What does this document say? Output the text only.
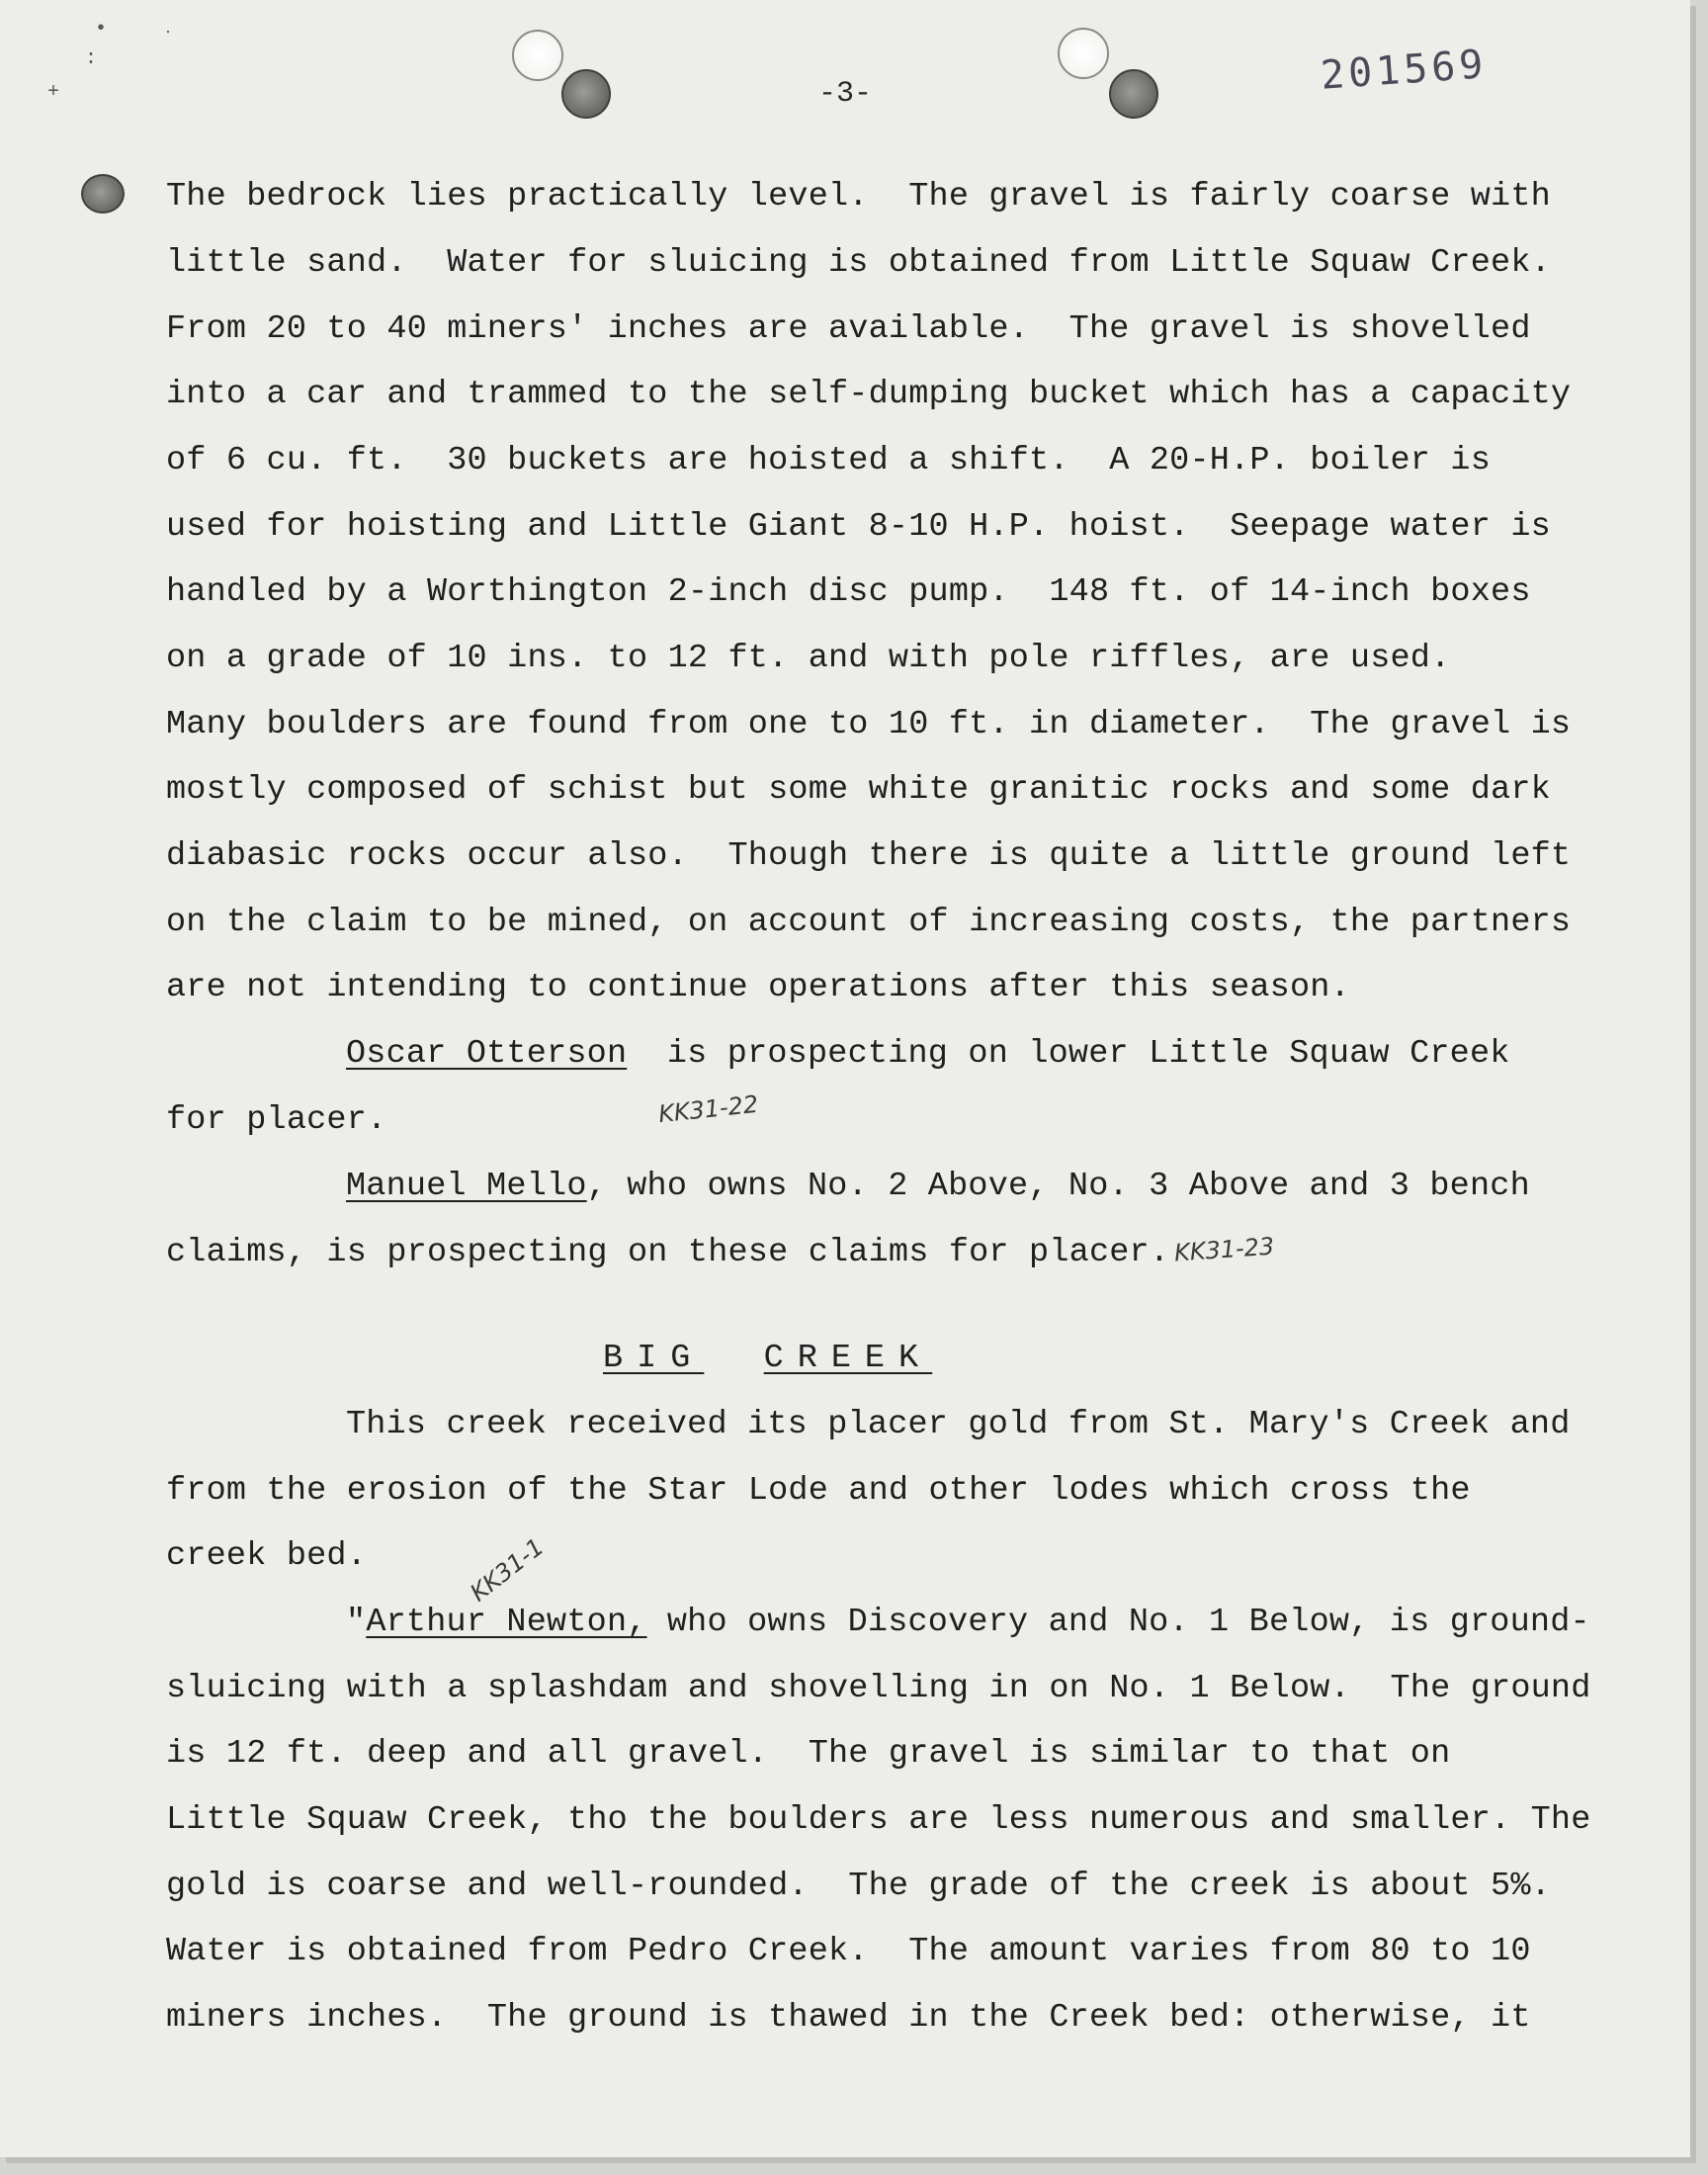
•
:
+
˙
-3-	201569
The bedrock lies practically level.  The gravel is fairly coarse with
little sand.  Water for sluicing is obtained from Little Squaw Creek.
From 20 to 40 miners' inches are available.  The gravel is shovelled
into a car and trammed to the self-dumping bucket which has a capacity
of 6 cu. ft.  30 buckets are hoisted a shift.  A 20-H.P. boiler is
used for hoisting and Little Giant 8-10 H.P. hoist.  Seepage water is
handled by a Worthington 2-inch disc pump.  148 ft. of 14-inch boxes
on a grade of 10 ins. to 12 ft. and with pole riffles, are used.
Many boulders are found from one to 10 ft. in diameter.  The gravel is
mostly composed of schist but some white granitic rocks and some dark
diabasic rocks occur also.  Though there is quite a little ground left
on the claim to be mined, on account of increasing costs, the partners
are not intending to continue operations after this season.
Oscar Otterson  is prospecting on lower Little Squaw Creek
for placer.	KK31-22
Manuel Mello, who owns No. 2 Above, No. 3 Above and 3 bench
claims, is prospecting on these claims for placer. KK31-23
BIG CREEK
This creek received its placer gold from St. Mary's Creek and
from the erosion of the Star Lode and other lodes which cross the
creek bed.	KK31-1
"Arthur Newton, who owns Discovery and No. 1 Below, is ground-
sluicing with a splashdam and shovelling in on No. 1 Below.  The ground
is 12 ft. deep and all gravel.  The gravel is similar to that on
Little Squaw Creek, tho the boulders are less numerous and smaller. The
gold is coarse and well-rounded.  The grade of the creek is about 5%.
Water is obtained from Pedro Creek.  The amount varies from 80 to 10
miners inches.  The ground is thawed in the Creek bed: otherwise, it
